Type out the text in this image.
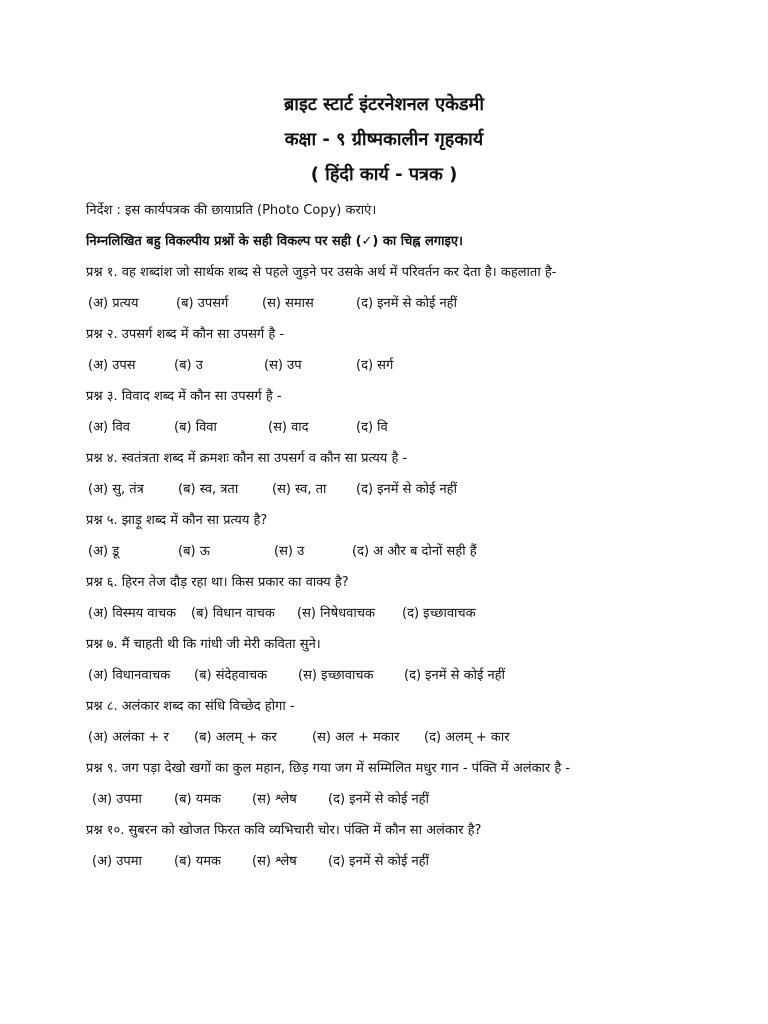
ब्राइट स्टार्ट इंटरनेशनल एकेडमी
कक्षा - ९ ग्रीष्मकालीन गृहकार्य
( हिंदी कार्य - पत्रक )
निर्देश : इस कार्यपत्रक की छायाप्रति (Photo Copy) कराएं।
निम्नलिखित बहु विकल्पीय प्रश्नों के सही विकल्प पर सही (✓) का चिह्न लगाइए।
प्रश्न १. वह शब्दांश जो सार्थक शब्द से पहले जुड़ने पर उसके अर्थ में परिवर्तन कर देता है। कहलाता है-
(अ) प्रत्यय	(ब) उपसर्ग	(स) समास	(द) इनमें से कोई नहीं
प्रश्न २. उपसर्ग शब्द में कौन सा उपसर्ग है -
(अ) उपस	(ब) उ	(स) उप	(द) सर्ग
प्रश्न ३. विवाद शब्द में कौन सा उपसर्ग है -
(अ) विव	(ब) विवा	(स) वाद	(द) वि
प्रश्न ४. स्वतंत्रता शब्द में क्रमशः कौन सा उपसर्ग व कौन सा प्रत्यय है -
(अ) सु, तंत्र	(ब) स्व, त्रता	(स) स्व, ता (द) इनमें से कोई नहीं
प्रश्न ५. झाड़ू शब्द में कौन सा प्रत्यय है?
(अ) डू	(ब) ऊ	(स) उ	(द) अ और ब दोनों सही हैं
प्रश्न ६. हिरन तेज दौड़ रहा था। किस प्रकार का वाक्य है?
(अ) विस्मय वाचक (ब) विधान वाचक (स) निषेधवाचक (द) इच्छावाचक
प्रश्न ७. मैं चाहती थी कि गांधी जी मेरी कविता सुने।
(अ) विधानवाचक (ब) संदेहवाचक (स) इच्छावाचक (द) इनमें से कोई नहीं
प्रश्न ८. अलंकार शब्द का संधि विच्छेद होगा -
(अ) अलंका + र (ब) अलम् + कर	(स) अल + मकार (द) अलम् + कार
प्रश्न ९. जग पड़ा देखो खगों का कुल महान, छिड़ गया जग में सम्मिलित मधुर गान - पंक्ति में अलंकार है -
(अ) उपमा (ब) यमक (स) श्लेष (द) इनमें से कोई नहीं
प्रश्न १०. सुबरन को खोजत फिरत कवि व्यभिचारी चोर। पंक्ति में कौन सा अलंकार है?
(अ) उपमा (ब) यमक (स) श्लेष (द) इनमें से कोई नहीं
